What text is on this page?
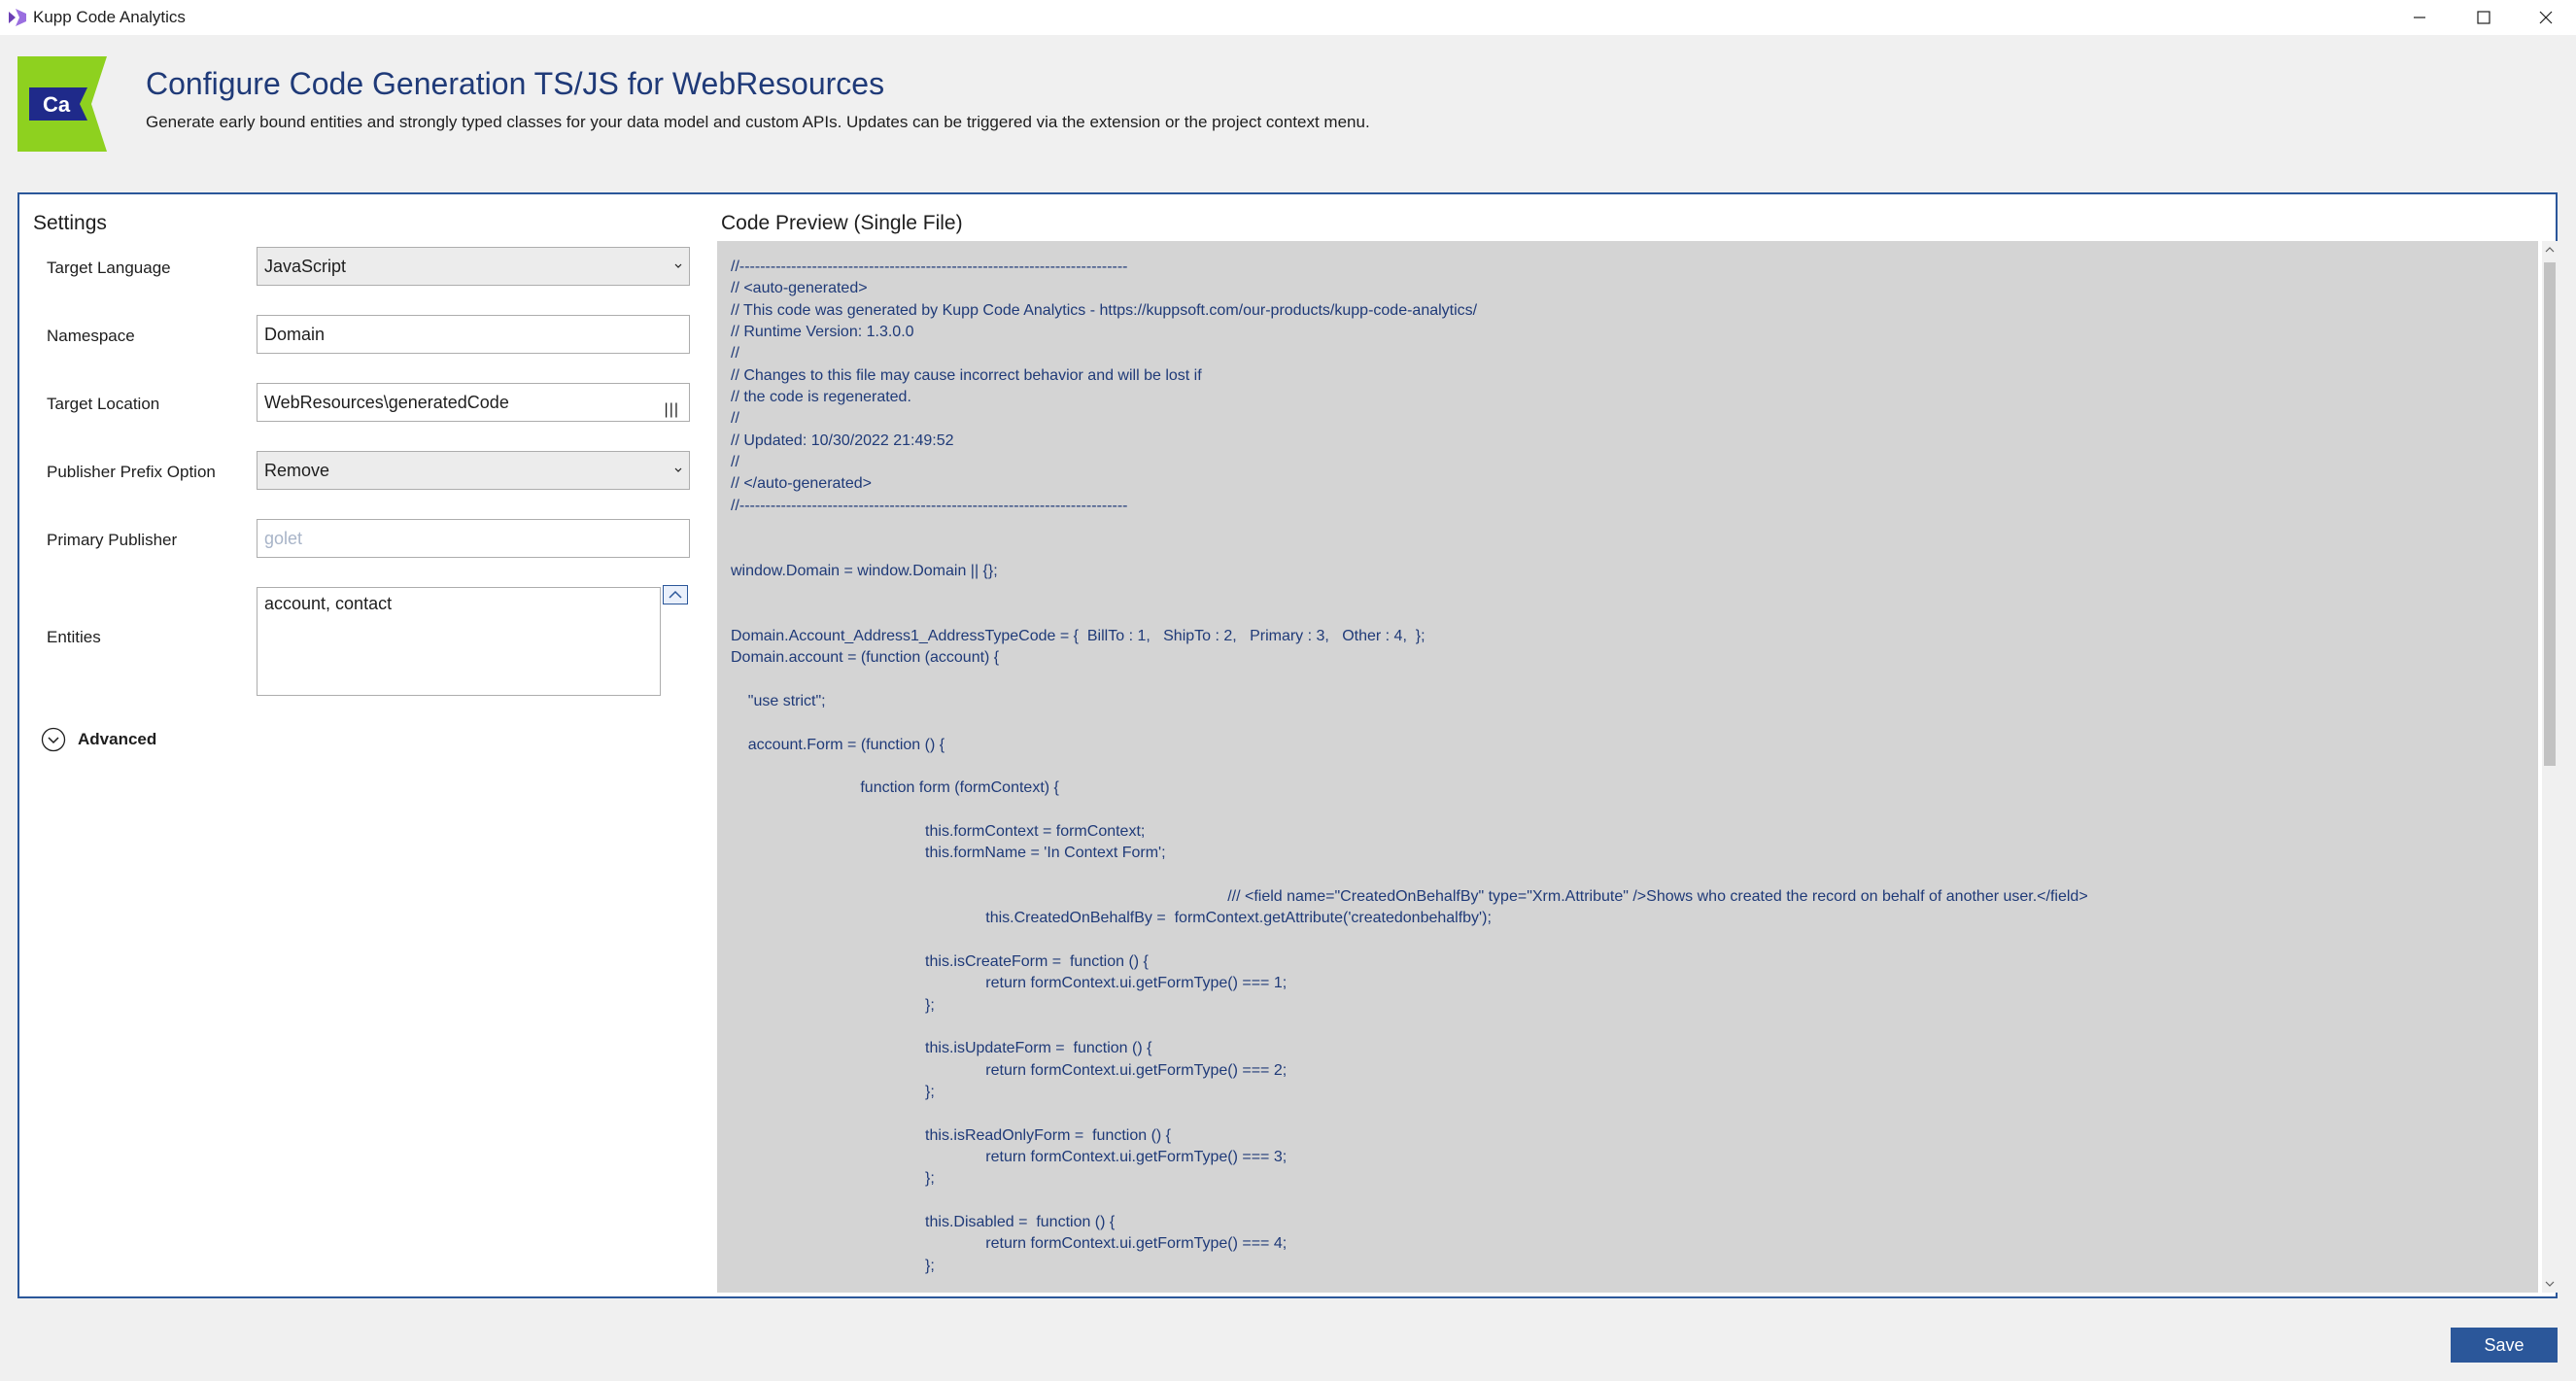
Kupp Code Analytics
Ca
Configure Code Generation TS/JS for WebResources
Generate early bound entities and strongly typed classes for your data model and custom APIs. Updates can be triggered via the extension or the project context menu.
Settings
Target Language	JavaScript
Namespace	Domain
Target Location	WebResources\generatedCode	|||
Publisher Prefix Option	Remove
Primary Publisher	golet
Entities
account, contact
Advanced
Code Preview (Single File)
//---------------------------------------------------------------------------
// <auto-generated>
// This code was generated by Kupp Code Analytics - https://kuppsoft.com/our-products/kupp-code-analytics/
// Runtime Version: 1.3.0.0
//
// Changes to this file may cause incorrect behavior and will be lost if
// the code is regenerated.
//
// Updated: 10/30/2022 21:49:52
//
// </auto-generated>
//---------------------------------------------------------------------------

window.Domain = window.Domain || {};

Domain.Account_Address1_AddressTypeCode = {  BillTo : 1,   ShipTo : 2,   Primary : 3,   Other : 4,  };
Domain.account = (function (account) {

"use strict";

account.Form = (function () {

function form (formContext) {

this.formContext = formContext;
this.formName = 'In Context Form';

/// <field name="CreatedOnBehalfBy" type="Xrm.Attribute" />Shows who created the record on behalf of another user.</field>
this.CreatedOnBehalfBy =  formContext.getAttribute('createdonbehalfby');

this.isCreateForm =  function () {
return formContext.ui.getFormType() === 1;
};

this.isUpdateForm =  function () {
return formContext.ui.getFormType() === 2;
};

this.isReadOnlyForm =  function () {
return formContext.ui.getFormType() === 3;
};

this.Disabled =  function () {
return formContext.ui.getFormType() === 4;
};
Save
